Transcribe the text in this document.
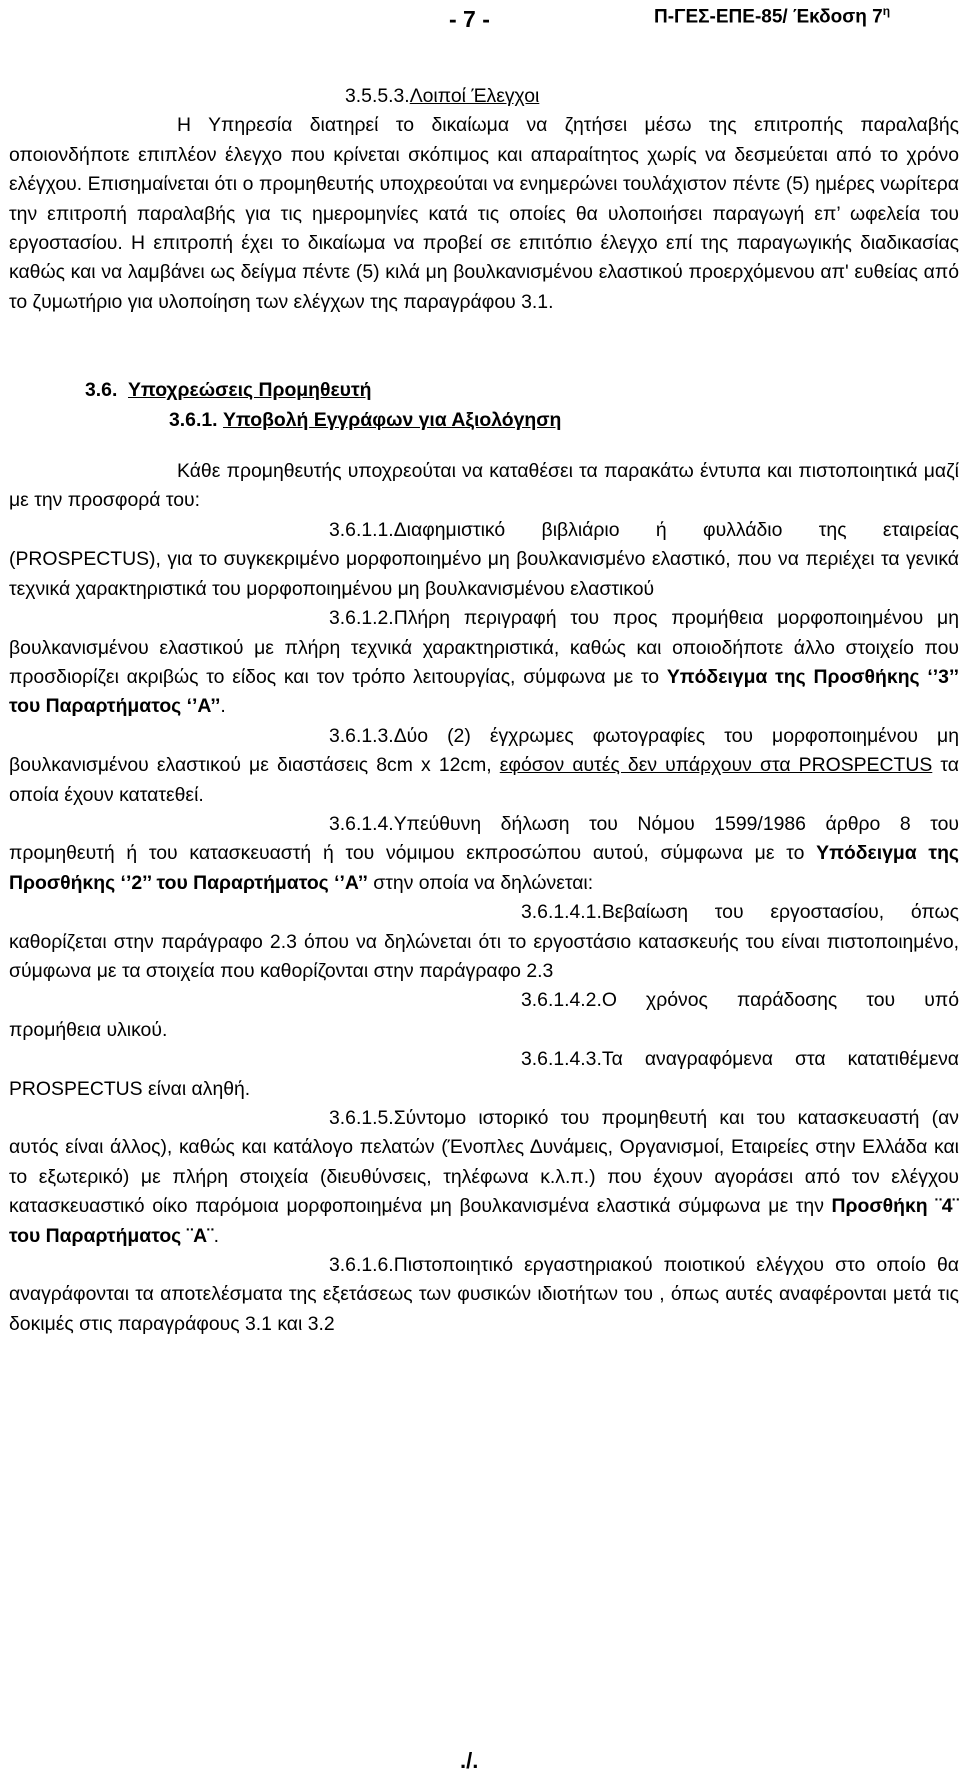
- 7 -	Π-ΓΕΣ-ΕΠΕ-85/ Έκδοση $7^\eta$

3.5.5.3.Λοιποί Έλεγχοι

Η Υπηρεσία διατηρεί το δικαίωμα να ζητήσει μέσω της επιτροπής παραλαβής οποιονδήποτε επιπλέον έλεγχο που κρίνεται σκόπιμος και απαραίτητος χωρίς να δεσμεύεται από το χρόνο ελέγχου. Επισημαίνεται ότι ο προμηθευτής υποχρεούται να ενημερώνει τουλάχιστον πέντε (5) ημέρες νωρίτερα την επιτροπή παραλαβής για τις ημερομηνίες κατά τις οποίες θα υλοποιήσει παραγωγή επ’ ωφελεία του εργοστασίου. Η επιτροπή έχει το δικαίωμα να προβεί σε επιτόπιο έλεγχο επί της παραγωγικής διαδικασίας καθώς και να λαμβάνει ως δείγμα πέντε (5) κιλά μη βουλκανισμένου ελαστικού προερχόμενου απ' ευθείας από το ζυμωτήριο για υλοποίηση των ελέγχων της παραγράφου 3.1.

3.6. Υποχρεώσεις Προμηθευτή

3.6.1. Υποβολή Εγγράφων για Αξιολόγηση

Κάθε προμηθευτής υποχρεούται να καταθέσει τα παρακάτω έντυπα και πιστοποιητικά μαζί με την προσφορά του:

3.6.1.1.Διαφημιστικό βιβλιάριο ή φυλλάδιο της εταιρείας (PROSPECTUS), για το συγκεκριμένο μορφοποιημένο μη βουλκανισμένο ελαστικό, που να περιέχει τα γενικά τεχνικά χαρακτηριστικά του μορφοποιημένου μη βουλκανισμένου ελαστικού

3.6.1.2.Πλήρη περιγραφή του προς προμήθεια μορφοποιημένου μη βουλκανισμένου ελαστικού με πλήρη τεχνικά χαρακτηριστικά, καθώς και οποιοδήποτε άλλο στοιχείο που προσδιορίζει ακριβώς το είδος και τον τρόπο λειτουργίας, σύμφωνα με το Υπόδειγμα της Προσθήκης ‘’3’’ του Παραρτήματος ‘’Α’’.

3.6.1.3.Δύο (2) έγχρωμες φωτογραφίες του μορφοποιημένου μη βουλκανισμένου ελαστικού με διαστάσεις 8cm x 12cm, εφόσον αυτές δεν υπάρχουν στα PROSPECTUS τα οποία έχουν κατατεθεί.

3.6.1.4.Υπεύθυνη δήλωση του Νόμου 1599/1986 άρθρο 8 του προμηθευτή ή του κατασκευαστή ή του νόμιμου εκπροσώπου αυτού, σύμφωνα με το Υπόδειγμα της Προσθήκης ‘’2’’ του Παραρτήματος ‘’Α’’ στην οποία να δηλώνεται:

3.6.1.4.1.Βεβαίωση του εργοστασίου, όπως καθορίζεται στην παράγραφο 2.3 όπου να δηλώνεται ότι το εργοστάσιο κατασκευής του είναι πιστοποιημένο, σύμφωνα με τα στοιχεία που καθορίζονται στην παράγραφο 2.3

3.6.1.4.2.Ο χρόνος παράδοσης του υπό προμήθεια υλικού.

3.6.1.4.3.Τα αναγραφόμενα στα κατατιθέμενα PROSPECTUS είναι αληθή.

3.6.1.5.Σύντομο ιστορικό του προμηθευτή και του κατασκευαστή (αν αυτός είναι άλλος), καθώς και κατάλογο πελατών (Ένοπλες Δυνάμεις, Οργανισμοί, Εταιρείες στην Ελλάδα και το εξωτερικό) με πλήρη στοιχεία (διευθύνσεις, τηλέφωνα κ.λ.π.) που έχουν αγοράσει από τον ελέγχου κατασκευαστικό οίκο παρόμοια μορφοποιημένα μη βουλκανισμένα ελαστικά σύμφωνα με την Προσθήκη ¨4¨ του Παραρτήματος ¨Α¨.

3.6.1.6.Πιστοποιητικό εργαστηριακού ποιοτικού ελέγχου στο οποίο θα αναγράφονται τα αποτελέσματα της εξετάσεως των φυσικών ιδιοτήτων του , όπως αυτές αναφέρονται μετά τις δοκιμές στις παραγράφους 3.1 και 3.2

./.
